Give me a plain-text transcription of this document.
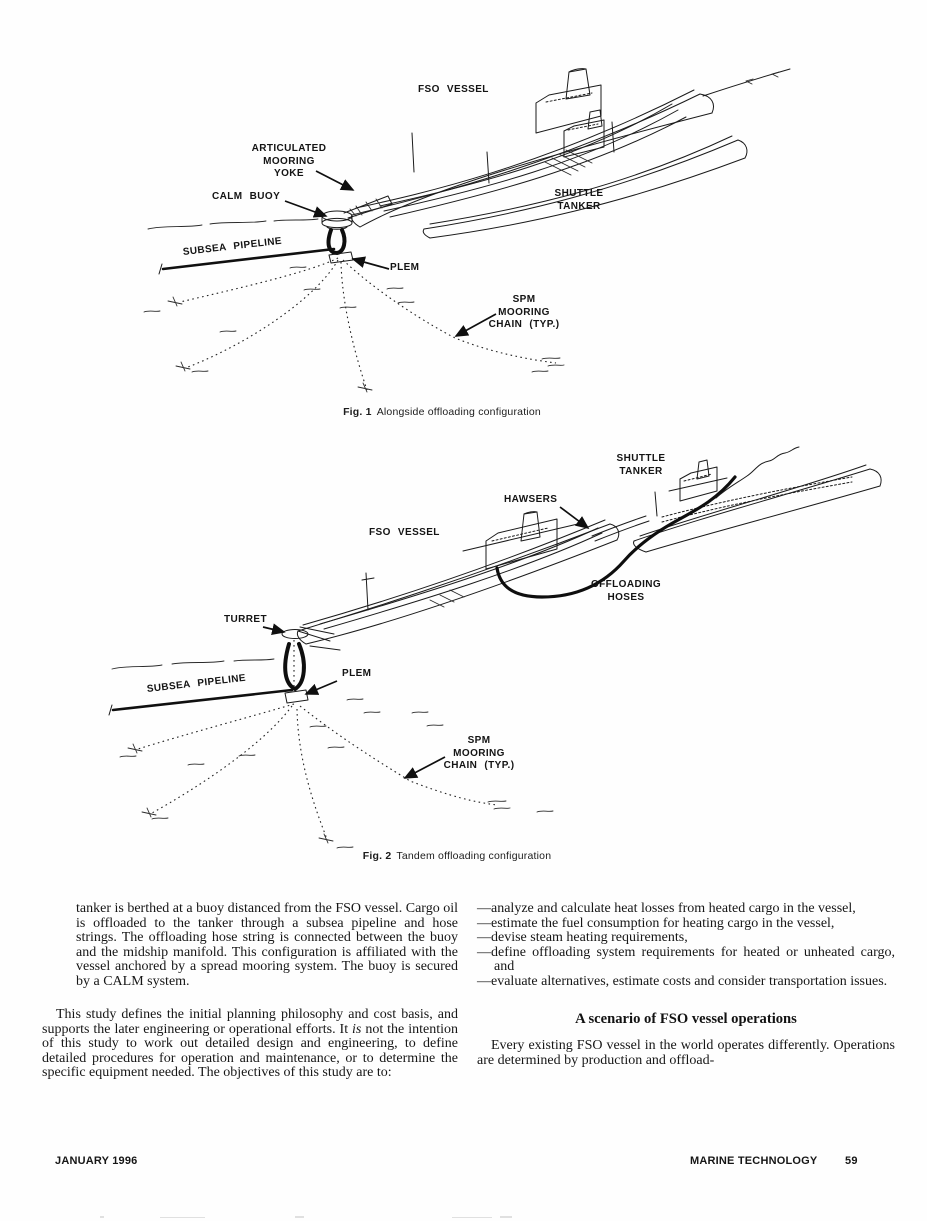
FSO VESSEL
ARTICULATED
MOORING
YOKE
CALM BUOY
SUBSEA PIPELINE
PLEM
SHUTTLE
TANKER
SPM
MOORING
CHAIN (TYP.)
Fig. 1 Alongside offloading configuration
SHUTTLE
TANKER
HAWSERS
FSO VESSEL
OFFLOADING
HOSES
TURRET
SUBSEA PIPELINE	PLEM
SPM
MOORING
CHAIN (TYP.)
Fig. 2 Tandem offloading configuration

tanker is berthed at a buoy distanced from the FSO vessel. Cargo oil is offloaded to the tanker through a subsea pipeline and hose strings. The offloading hose string is connected between the buoy and the midship manifold. This configuration is affiliated with the vessel anchored by a spread mooring system. The buoy is secured by a CALM system.

This study defines the initial planning philosophy and cost basis, and supports the later engineering or operational efforts. It is not the intention of this study to work out detailed design and engineering, to define detailed procedures for operation and maintenance, or to determine the specific equipment needed. The objectives of this study are to:

—analyze and calculate heat losses from heated cargo in the vessel,

—estimate the fuel consumption for heating cargo in the vessel,

—devise steam heating requirements,

—define offloading system requirements for heated or unheated cargo, and

—evaluate alternatives, estimate costs and consider transportation issues.

A scenario of FSO vessel operations

Every existing FSO vessel in the world operates differently. Operations are determined by production and offload-

JANUARY 1996	MARINE TECHNOLOGY	59
